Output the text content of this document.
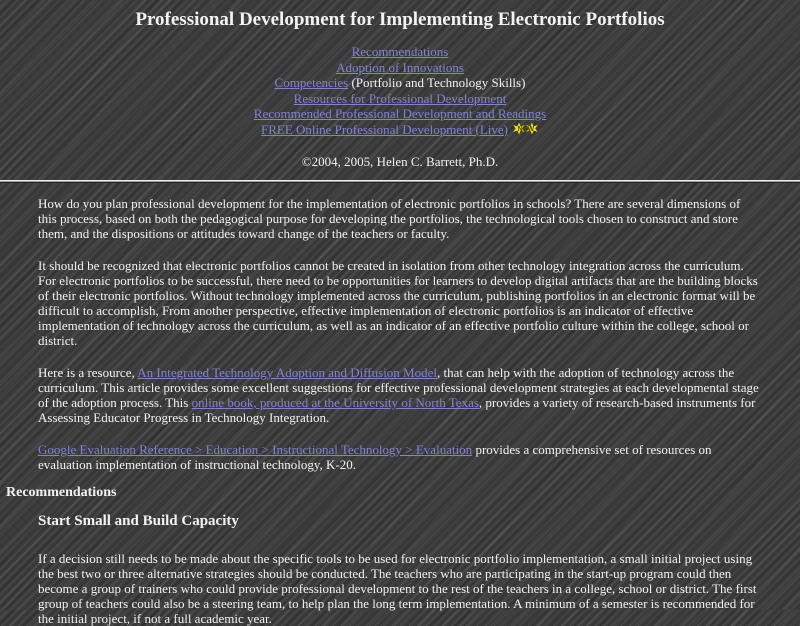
Professional Development for Implementing Electronic Portfolios
Recommendations
Adoption of Innovations
Competencies (Portfolio and Technology Skills)
Resources for Professional Development
Recommended Professional Development and Readings
FREE Online Professional Development (Live)	NEW
©2004, 2005, Helen C. Barrett, Ph.D.

How do you plan professional development for the implementation of electronic portfolios in schools? There are several dimensions of this process, based on both the pedagogical purpose for developing the portfolios, the technological tools chosen to construct and store them, and the dispositions or attitudes toward change of the teachers or faculty.

It should be recognized that electronic portfolios cannot be created in isolation from other technology integration across the curriculum. For electronic portfolios to be successful, there need to be opportunities for learners to develop digital artifacts that are the building blocks of their electronic portfolios. Without technology implemented across the curriculum, publishing portfolios in an electronic format will be difficult to accomplish, From another perspective, effective implementation of electronic portfolios is an indicator of effective implementation of technology across the curriculum, as well as an indicator of an effective portfolio culture within the college, school or district.

Here is a resource, An Integrated Technology Adoption and Diffusion Model, that can help with the adoption of technology across the curriculum. This article provides some excellent suggestions for effective professional development strategies at each developmental stage of the adoption process. This online book, produced at the University of North Texas, provides a variety of research-based instruments for Assessing Educator Progress in Technology Integration.

Google Evaluation Reference > Education > Instructional Technology > Evaluation provides a comprehensive set of resources on evaluation implementation of instructional technology, K-20.

Recommendations
Start Small and Build Capacity

If a decision still needs to be made about the specific tools to be used for electronic portfolio implementation, a small initial project using the best two or three alternative strategies should be conducted. The teachers who are participating in the start-up program could then become a group of trainers who could provide professional development to the rest of the teachers in a college, school or district. The first group of teachers could also be a steering team, to help plan the long term implementation. A minimum of a semester is recommended for the initial project, if not a full academic year.
